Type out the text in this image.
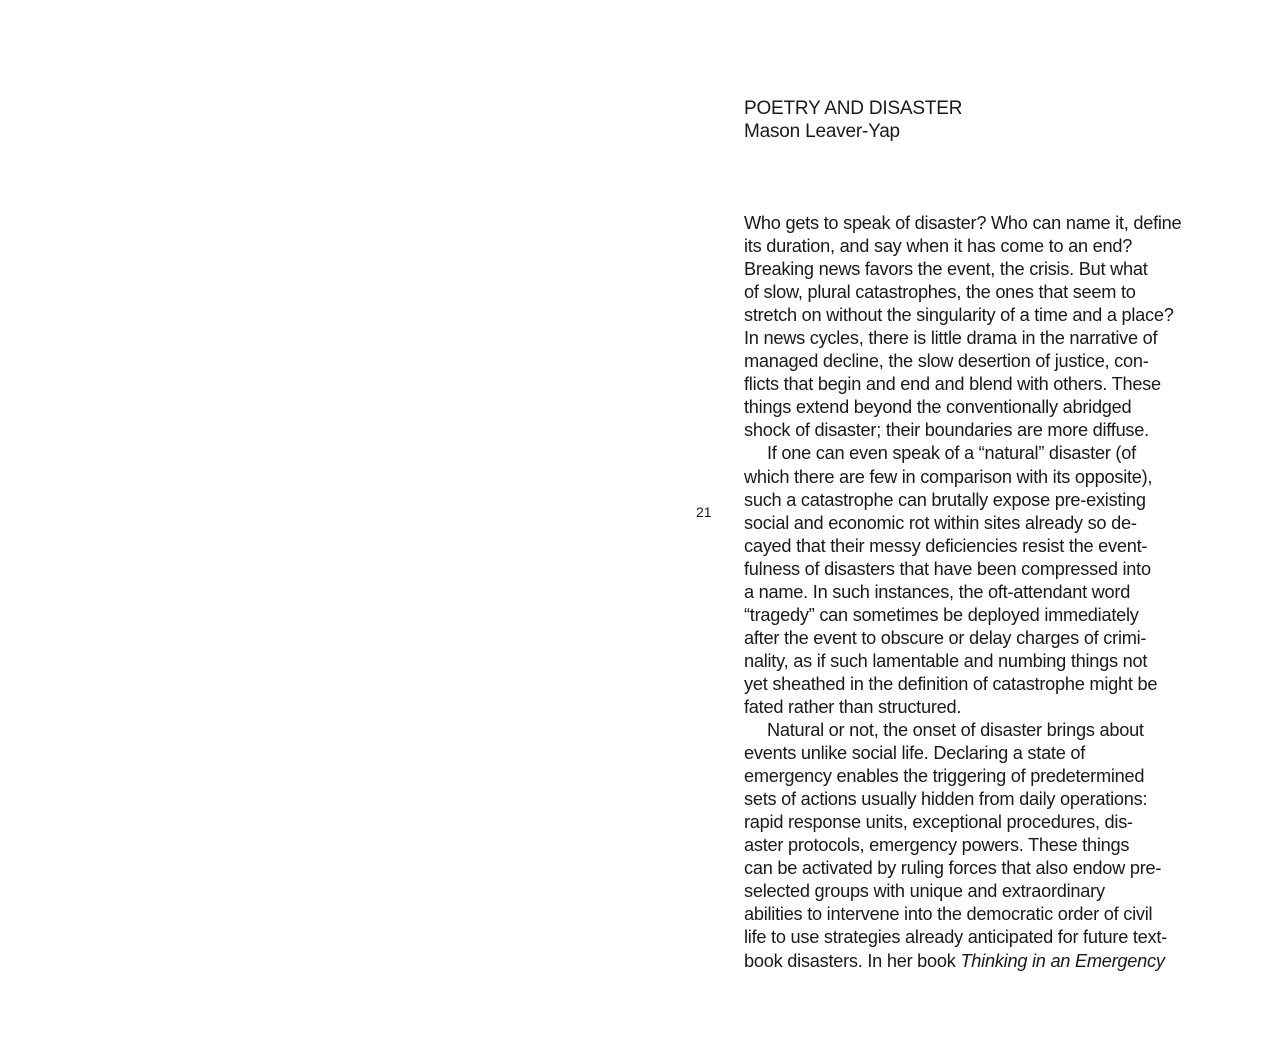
21
POETRY AND DISASTER
Mason Leaver-Yap
Who gets to speak of disaster? Who can name it, define
its duration, and say when it has come to an end?
Breaking news favors the event, the crisis. But what
of slow, plural catastrophes, the ones that seem to
stretch on without the singularity of a time and a place?
In news cycles, there is little drama in the narrative of
managed decline, the slow desertion of justice, con-
flicts that begin and end and blend with others. These
things extend beyond the conventionally abridged
shock of disaster; their boundaries are more diffuse.
If one can even speak of a “natural” disaster (of
which there are few in comparison with its opposite),
such a catastrophe can brutally expose pre-existing
social and economic rot within sites already so de-
cayed that their messy deficiencies resist the event-
fulness of disasters that have been compressed into
a name. In such instances, the oft-attendant word
“tragedy” can sometimes be deployed immediately
after the event to obscure or delay charges of crimi-
nality, as if such lamentable and numbing things not
yet sheathed in the definition of catastrophe might be
fated rather than structured.
Natural or not, the onset of disaster brings about
events unlike social life. Declaring a state of
emergency enables the triggering of predetermined
sets of actions usually hidden from daily operations:
rapid response units, exceptional procedures, dis-
aster protocols, emergency powers. These things
can be activated by ruling forces that also endow pre-
selected groups with unique and extraordinary
abilities to intervene into the democratic order of civil
life to use strategies already anticipated for future text-
book disasters. In her book Thinking in an Emergency
